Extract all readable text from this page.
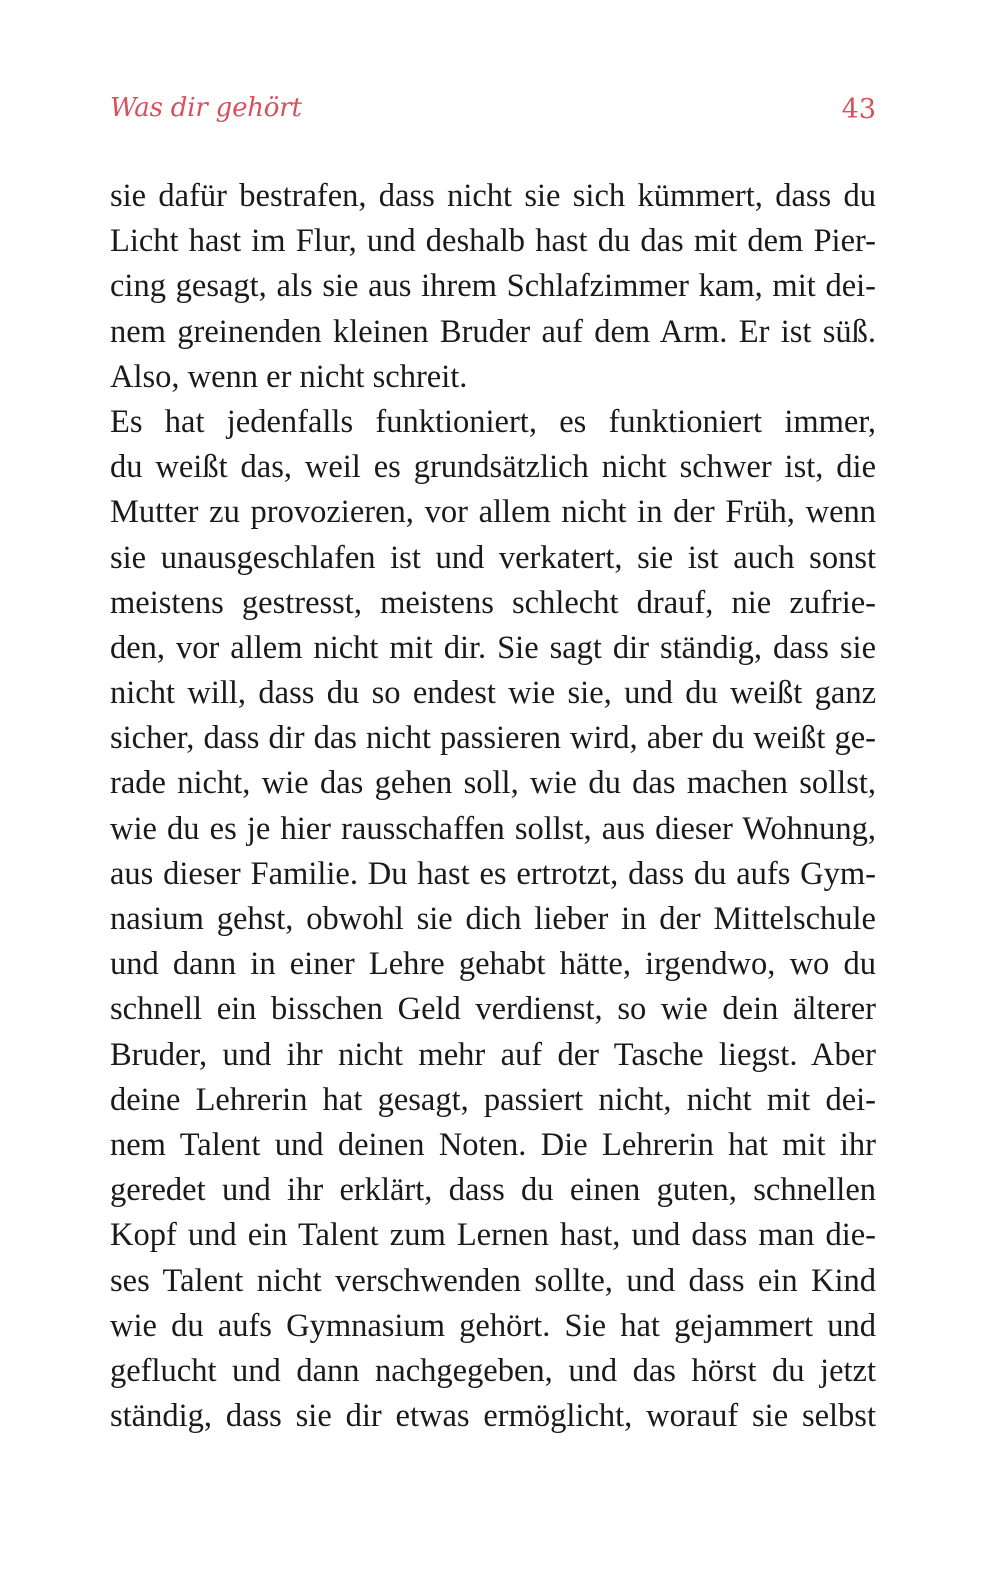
Was dir gehört	43
sie dafür bestrafen, dass nicht sie sich kümmert, dass du
Licht hast im Flur, und deshalb hast du das mit dem Pier-
cing gesagt, als sie aus ihrem Schlafzimmer kam, mit dei-
nem greinenden kleinen Bruder auf dem Arm. Er ist süß.
Also, wenn er nicht schreit.
Es hat jedenfalls funktioniert, es funktioniert immer,
du weißt das, weil es grundsätzlich nicht schwer ist, die
Mutter zu provozieren, vor allem nicht in der Früh, wenn
sie unausgeschlafen ist und verkatert, sie ist auch sonst
meistens gestresst, meistens schlecht drauf, nie zufrie-
den, vor allem nicht mit dir. Sie sagt dir ständig, dass sie
nicht will, dass du so endest wie sie, und du weißt ganz
sicher, dass dir das nicht passieren wird, aber du weißt ge-
rade nicht, wie das gehen soll, wie du das machen sollst,
wie du es je hier rausschaffen sollst, aus dieser Wohnung,
aus dieser Familie. Du hast es ertrotzt, dass du aufs Gym-
nasium gehst, obwohl sie dich lieber in der Mittelschule
und dann in einer Lehre gehabt hätte, irgendwo, wo du
schnell ein bisschen Geld verdienst, so wie dein älterer
Bruder, und ihr nicht mehr auf der Tasche liegst. Aber
deine Lehrerin hat gesagt, passiert nicht, nicht mit dei-
nem Talent und deinen Noten. Die Lehrerin hat mit ihr
geredet und ihr erklärt, dass du einen guten, schnellen
Kopf und ein Talent zum Lernen hast, und dass man die-
ses Talent nicht verschwenden sollte, und dass ein Kind
wie du aufs Gymnasium gehört. Sie hat gejammert und
geflucht und dann nachgegeben, und das hörst du jetzt
ständig, dass sie dir etwas ermöglicht, worauf sie selbst
